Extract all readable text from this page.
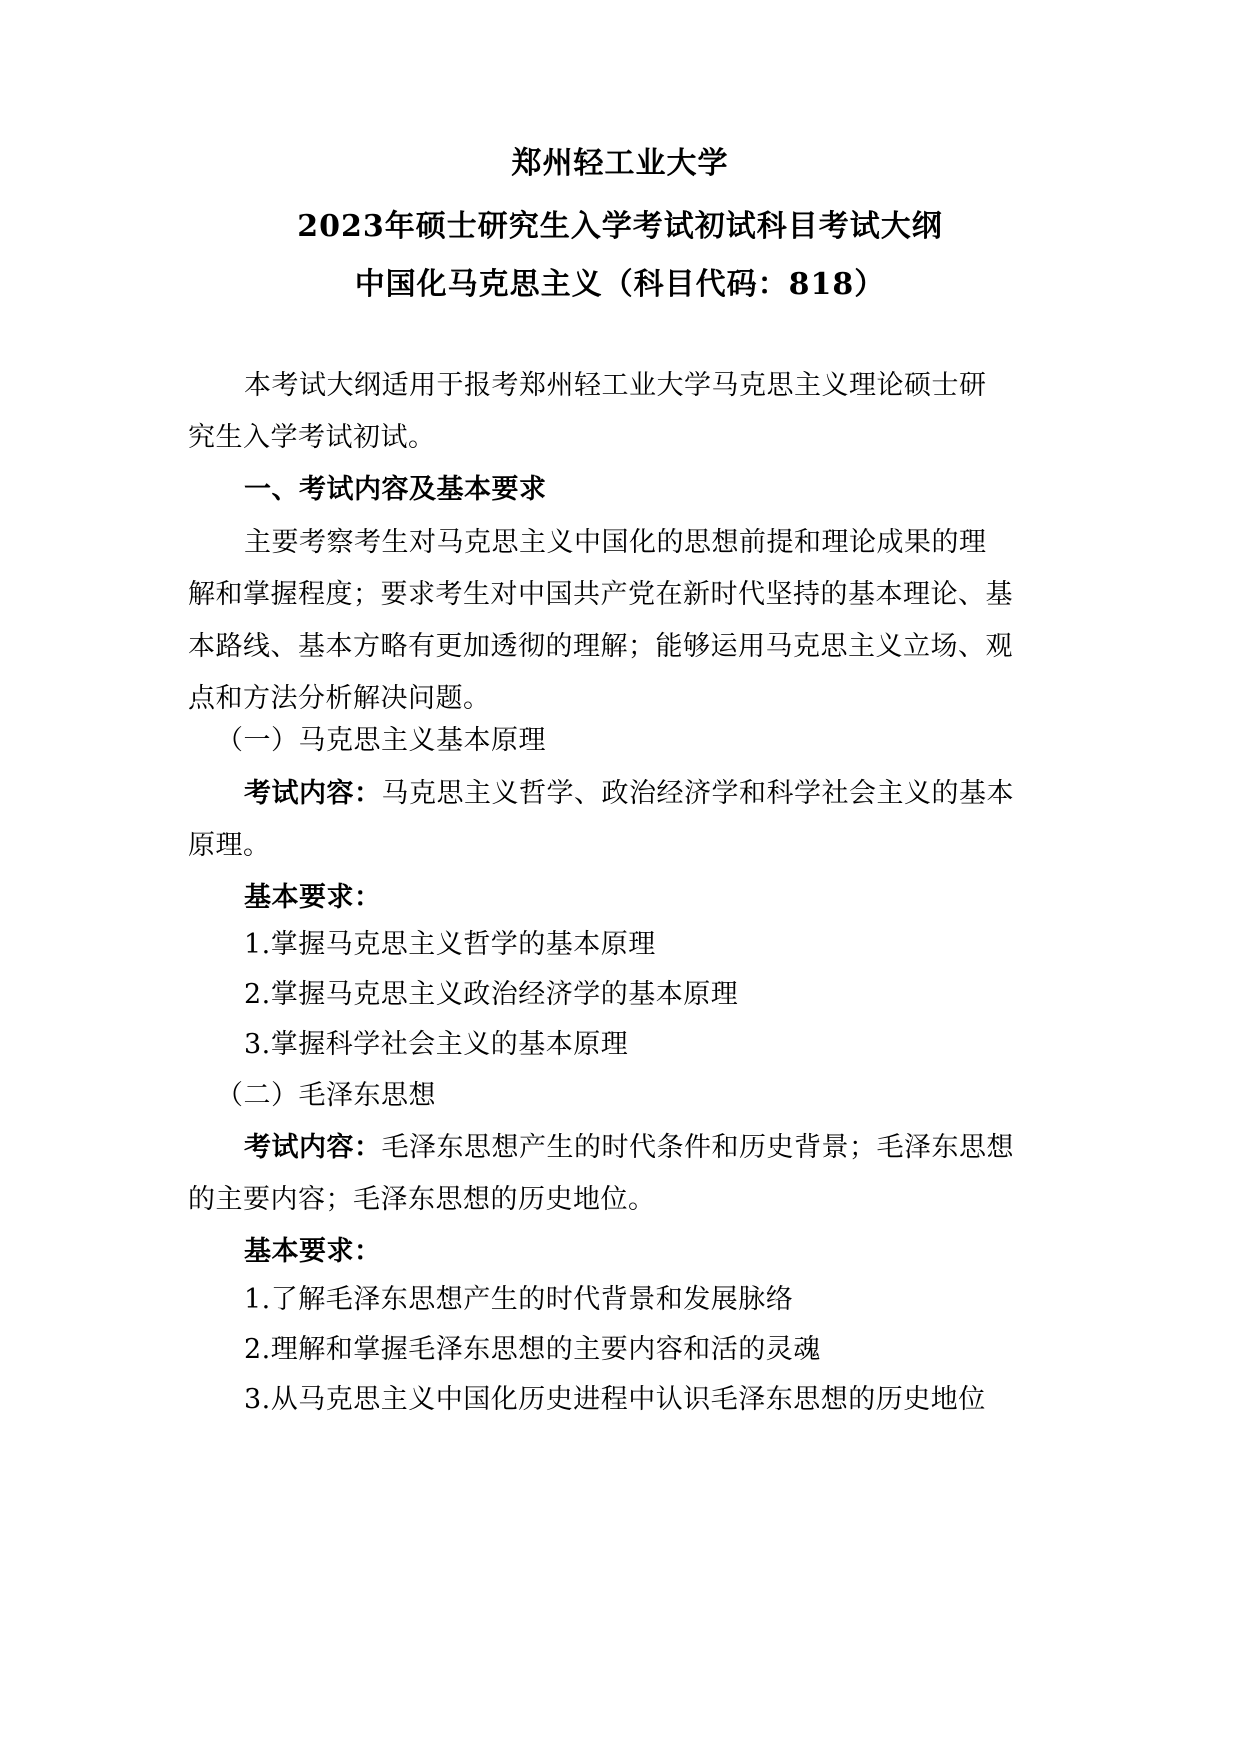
郑州轻工业大学
2023年硕士研究生入学考试初试科目考试大纲
中国化马克思主义（科目代码：818）
本考试大纲适用于报考郑州轻工业大学马克思主义理论硕士研
究生入学考试初试。
一、考试内容及基本要求
主要考察考生对马克思主义中国化的思想前提和理论成果的理
解和掌握程度；要求考生对中国共产党在新时代坚持的基本理论、基
本路线、基本方略有更加透彻的理解；能够运用马克思主义立场、观
点和方法分析解决问题。
（一）马克思主义基本原理
考试内容：马克思主义哲学、政治经济学和科学社会主义的基本
原理。
基本要求：
1.掌握马克思主义哲学的基本原理
2.掌握马克思主义政治经济学的基本原理
3.掌握科学社会主义的基本原理
（二）毛泽东思想
考试内容：毛泽东思想产生的时代条件和历史背景；毛泽东思想
的主要内容；毛泽东思想的历史地位。
基本要求：
1.了解毛泽东思想产生的时代背景和发展脉络
2.理解和掌握毛泽东思想的主要内容和活的灵魂
3.从马克思主义中国化历史进程中认识毛泽东思想的历史地位
